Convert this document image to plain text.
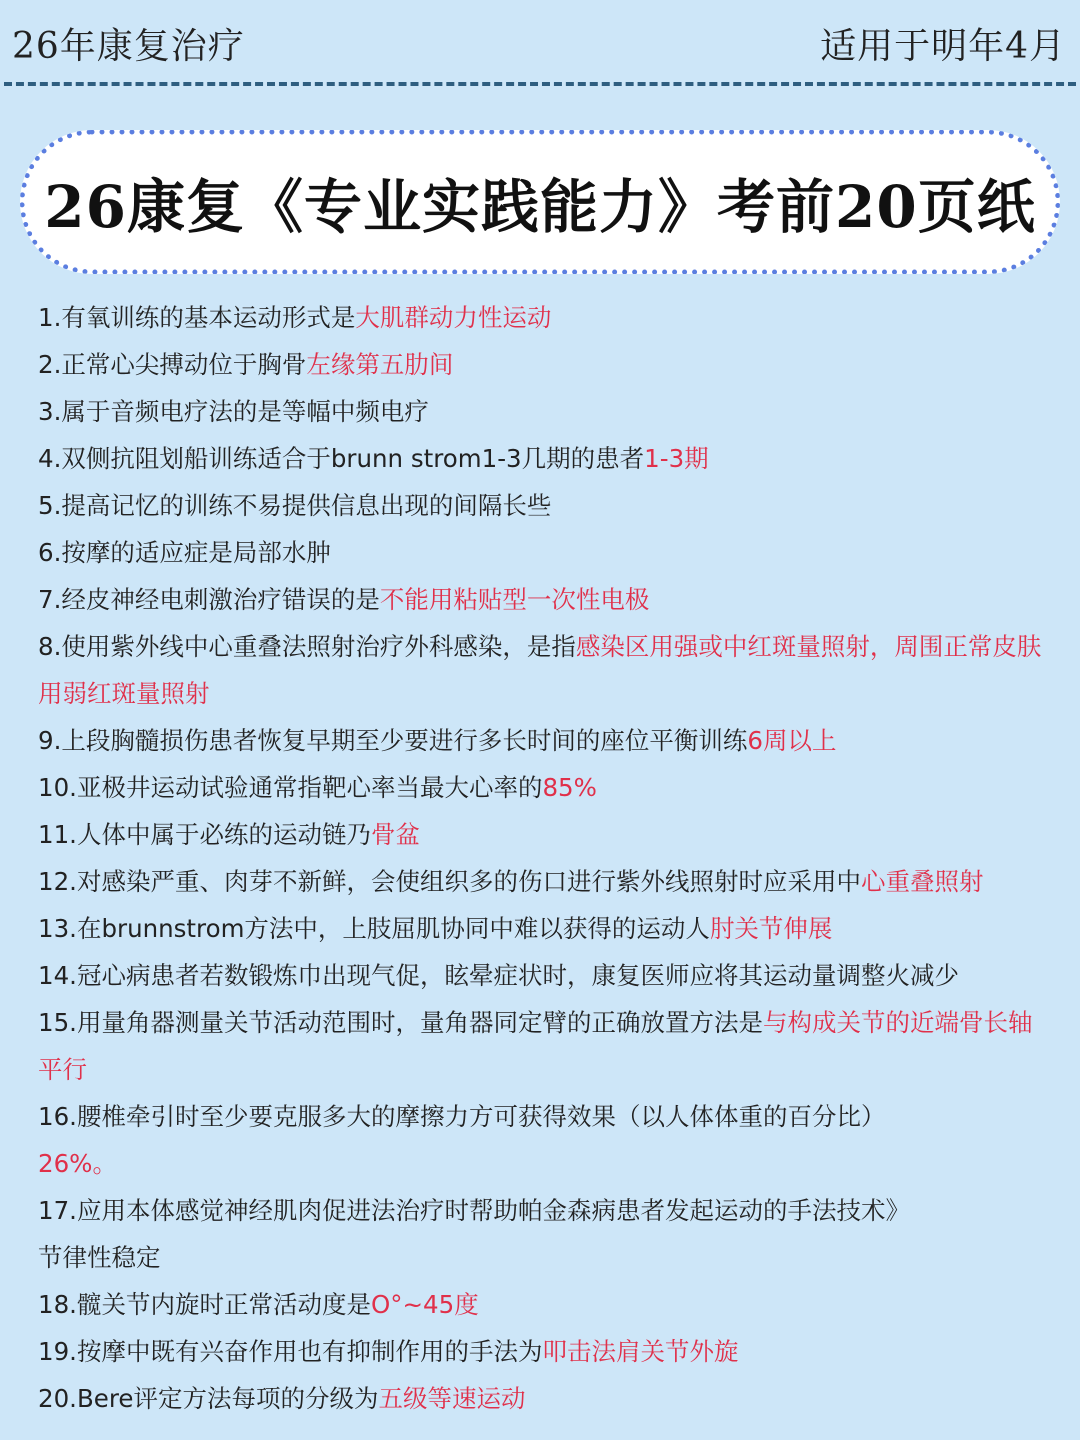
26年康复治疗	适用于明年4月
26康复《专业实践能力》考前20页纸
1.有氧训练的基本运动形式是大肌群动力性运动
2.正常心尖搏动位于胸骨左缘第五肋间
3.属于音频电疗法的是等幅中频电疗
4.双侧抗阻划船训练适合于brunn strom1-3几期的患者1-3期
5.提高记忆的训练不易提供信息出现的间隔长些
6.按摩的适应症是局部水肿
7.经皮神经电刺激治疗错误的是不能用粘贴型一次性电极
8.使用紫外线中心重叠法照射治疗外科感染，是指感染区用强或中红斑量照射，周围正常皮肤用弱红斑量照射
9.上段胸髓损伤患者恢复早期至少要进行多长时间的座位平衡训练6周以上
10.亚极井运动试验通常指靶心率当最大心率的85%
11.人体中属于必练的运动链乃骨盆
12.对感染严重、肉芽不新鲜，会使组织多的伤口进行紫外线照射时应采用中心重叠照射
13.在brunnstrom方法中，上肢屈肌协同中难以获得的运动人肘关节伸展
14.冠心病患者若数锻炼巾出现气促，眩晕症状时，康复医师应将其运动量调整火减少
15.用量角器测量关节活动范围时，量角器同定臂的正确放置方法是与构成关节的近端骨长轴平行
16.腰椎牵引时至少要克服多大的摩擦力方可获得效果（以人体体重的百分比）
26%。
17.应用本体感觉神经肌肉促进法治疗时帮助帕金森病患者发起运动的手法技术》
节律性稳定
18.髋关节内旋时正常活动度是O°~45度
19.按摩中既有兴奋作用也有抑制作用的手法为叩击法肩关节外旋
20.Bere评定方法每项的分级为五级等速运动
